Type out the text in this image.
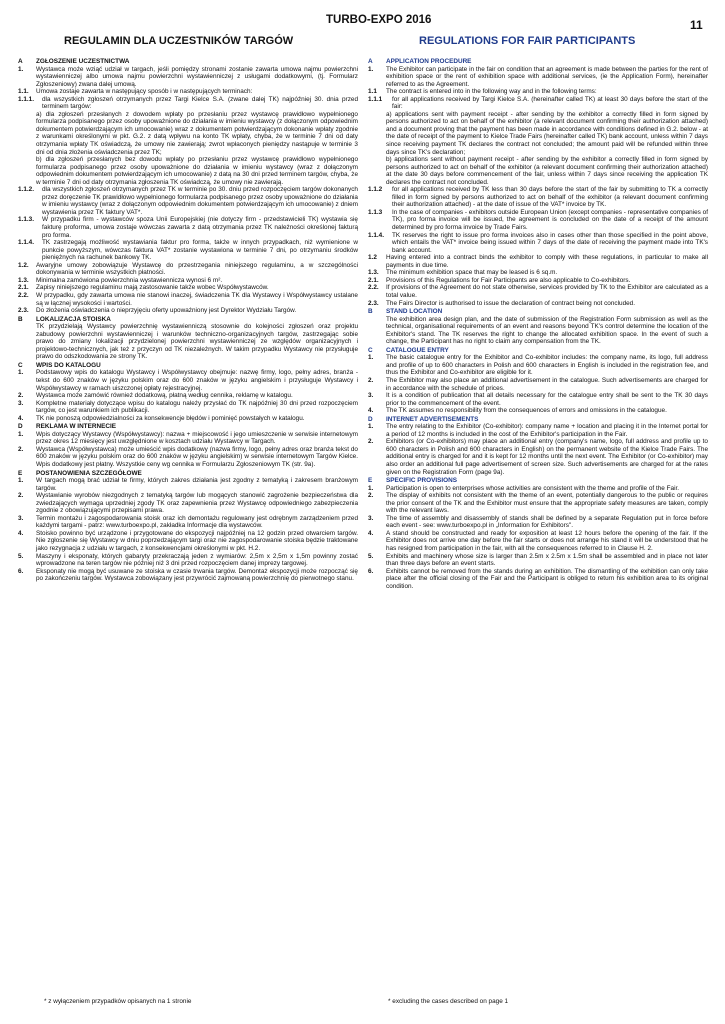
TURBO-EXPO 2016	11
REGULAMIN DLA UCZESTNIKÓW TARGÓW	REGULATIONS FOR FAIR PARTICIPANTS
A	ZGŁOSZENIE UCZESTNICTWA
1.	Wystawca może wziąć udział w targach, jeśli pomiędzy stronami zostanie zawarta umowa najmu powierzchni wystawienniczej albo umowa najmu powierzchni wystawienniczej z usługami dodatkowymi, (tj. Formularz Zgłoszeniowy) zwana dalej umową.
1.1.	Umowa zostaje zawarta w następujący sposób i w następujących terminach:
1.1.1.	dla wszystkich zgłoszeń otrzymanych przez Targi Kielce S.A. (zwane dalej TK) najpóźniej 30. dnia przed terminem targów:
a) dla zgłoszeń przesłanych z dowodem wpłaty po przesłaniu przez wystawcę prawidłowo wypełnionego formularza podpisanego przez osoby upoważnione do działania w imieniu wystawcy (z dołączonym odpowiednim dokumentem potwierdzającym ich umocowanie) wraz z dokumentem potwierdzającym dokonanie wpłaty zgodnie z warunkami określonymi w pkt. G.2. z datą wpływu na konto TK wpłaty, chyba, że w terminie 7 dni od daty otrzymania wpłaty TK oświadczą, że umowy nie zawierają; zwrot wpłaconych pieniędzy nastąpuje w terminie 3 dni od dnia złożenia oświadczenia przez TK;
b) dla zgłoszeń przesłanych bez dowodu wpłaty po przesłaniu przez wystawcę prawidłowo wypełnionego formularza podpisanego przez osoby upoważnione do działania w imieniu wystawcy (wraz z dołączonym odpowiednim dokumentem potwierdzającym ich umocowanie) z datą na 30 dni przed terminem targów, chyba, że w terminie 7 dni od daty otrzymania zgłoszenia TK oświadczą, że umowy nie zawierają.
1.1.2.	dla wszystkich zgłoszeń otrzymanych przez TK w terminie po 30. dniu przed rozpoczęciem targów dokonanych przez doręczenie TK prawidłowo wypełnionego formularza podpisanego przez osoby upoważnione do działania w imieniu wystawcy (wraz z dołączonym odpowiednim dokumentem potwierdzającym ich umocowanie) z dniem wystawienia przez TK faktury VAT*.
1.1.3.	W przypadku firm - wystawców spoza Unii Europejskiej (nie dotyczy firm - przedstawicieli TK) wystawia się fakturę proforma, umowa zostaje wówczas zawarta z datą otrzymania przez TK należności określonej fakturą pro forma.
1.1.4.	TK zastrzegają możliwość wystawiania faktur pro forma, także w innych przypadkach, niż wymienione w punkcie powyższym, wówczas faktura VAT* zostanie wystawiona w terminie 7 dni, po otrzymaniu środków pieniężnych na rachunek bankowy TK.
1.2.	Awaryjne umowy zobowiązuje Wystawcę do przestrzegania niniejszego regulaminu, a w szczególności dokonywania w terminie wszystkich płatności.
1.3.	Minimalna zamówiona powierzchnia wystawiennicza wynosi 6 m².
2.1.	Zapisy niniejszego regulaminu mają zastosowanie także wobec Współwystawców.
2.2.	W przypadku, gdy zawarta umowa nie stanowi inaczej, świadczenia TK dla Wystawcy i Współwystawcy ustalane są w łącznej wysokości i wartości.
2.3.	Do złożenia oświadczenia o nieprzyjęciu oferty upoważniony jest Dyrektor Wydziału Targów.
B	LOKALIZACJA STOISKA
TK przydzielają Wystawcy powierzchnię wystawienniczą stosownie do kolejności zgłoszeń oraz projektu zabudowy powierzchni wystawienniczej i warunków techniczno-organizacyjnych targów, zastrzegając sobie prawo do zmiany lokalizacji przydzielonej powierzchni wystawienniczej ze względów organizacyjnych i projektowo-technicznych, jak też z przyczyn od TK niezależnych. W takim przypadku Wystawcy nie przysługuje prawo do odszkodowania ze strony TK.
C	WPIS DO KATALOGU
1.	Podstawowy wpis do katalogu Wystawcy i Współwystawcy obejmuje: nazwę firmy, logo, pełny adres, branża - tekst do 600 znaków w języku polskim oraz do 600 znaków w języku angielskim i przysługuje Wystawcy i Współwystawcy w ramach uiszczonej opłaty rejestracyjnej.
2.	Wystawca może zamówić również dodatkową, płatną według cennika, reklamę w katalogu.
3.	Kompletne materiały dotyczące wpisu do katalogu należy przysłać do TK najpóźniej 30 dni przed rozpoczęciem targów, co jest warunkiem ich publikacji.
4.	TK nie ponoszą odpowiedzialności za konsekwencje błędów i pominięć powstałych w katalogu.
D	REKLAMA W INTERNECIE
1.	Wpis dotyczący Wystawcy (Współwystawcy): nazwa + miejscowość i jego umieszczenie w serwisie internetowym przez okres 12 miesięcy jest uwzględnione w kosztach udziału Wystawcy w Targach.
2.	Wystawca (Współwystawca) może umieścić wpis dodatkowy (nazwa firmy, logo, pełny adres oraz branża tekst do 600 znaków w języku polskim oraz do 600 znaków w języku angielskim) w serwisie internetowym Targów Kielce. Wpis dodatkowy jest płatny. Wszystkie ceny wg cennika w Formularzu Zgłoszeniowym TK (str. 9a).
E	POSTANOWIENIA SZCZEGÓŁOWE
1.	W targach mogą brać udział te firmy, których zakres działania jest zgodny z tematyką i zakresem branżowym targów.
2.	Wystawianie wyrobów niezgodnych z tematyką targów lub mogących stanowić zagrożenie bezpieczeństwa dla zwiedzających wymaga uprzedniej zgody TK oraz zapewnienia przez Wystawcę odpowiedniego zabezpieczenia zgodnie z obowiązującymi przepisami prawa.
3.	Termin montażu i zagospodarowania stoisk oraz ich demontażu regulowany jest odrębnym zarządzeniem przed każdymi targami - patrz: www.turboexpo.pl, zakładka Informacje dla wystawców.
4.	Stoisko powinno być urządzone i przygotowane do ekspozycji najpóźniej na 12 godzin przed otwarciem targów. Nie zgłoszenie się Wystawcy w dniu poprzedzającym targi oraz nie zagospodarowanie stoiska będzie traktowane jako rezygnacja z udziału w targach, z konsekwencjami określonymi w pkt. H.2.
5.	Maszyny i eksponaty, których gabaryty przekraczają jeden z wymiarów: 2,5m x 2,5m x 1,5m powinny zostać wprowadzone na teren targów nie później niż 3 dni przed rozpoczęciem danej imprezy targowej.
6.	Eksponaty nie mogą być usuwane ze stoiska w czasie trwania targów. Demontaż ekspozycji może rozpocząć się po zakończeniu targów. Wystawca zobowiązany jest przywrócić zajmowaną powierzchnię do pierwotnego stanu.
A	APPLICATION PROCEDURE
1.	The Exhibitor can participate in the fair on condition that an agreement is made between the parties for the rent of exhibition space or the rent of exhibition space with additional services, (ie the Application Form), hereinafter referred to as the Agreement.
1.1	The contract is entered into in the following way and in the following terms:
1.1.1	for all applications received by Targi Kielce S.A. (hereinafter called TK) at least 30 days before the start of the fair:
a) applications sent with payment receipt - after sending by the exhibitor a correctly filled in form signed by persons authorized to act on behalf of the exhibitor (a relevant document confirming their authorization attached) and a document proving that the payment has been made in accordance with conditions defined in G.2. below - at the date of receipt of the payment to Kielce Trade Fairs (hereinafter called TK) bank account, unless within 7 days since receiving payment TK declares the contract not concluded; the amount paid will be refunded within three days since TK's declaration;
b) applications sent without payment receipt - after sending by the exhibitor a correctly filled in form signed by persons authorized to act on behalf of the exhibitor (a relevant document confirming their authorization attached) at the date 30 days before commencement of the fair, unless within 7 days since receiving the application TK declares the contract not concluded.
1.1.2	for all applications received by TK less than 30 days before the start of the fair by submitting to TK a correctly filled in form signed by persons authorized to act on behalf of the exhibitor (a relevant document confirming their authorization attached) - at the date of issue of the VAT* invoice by TK.
1.1.3	In the case of companies - exhibitors outside European Union (except companies - representative companies of TK), pro forma invoice will be issued, the agreement is concluded on the date of a receipt of the amount determined by pro forma invoice by Trade Fairs.
1.1.4.	TK reserves the right to issue pro forma invoices also in cases other than those specified in the point above, which entails the VAT* invoice being issued within 7 days of the date of receiving the payment made into TK's bank account.
1.2	Having entered into a contract binds the exhibitor to comply with these regulations, in particular to make all payments in due time.
1.3.	The minimum exhibition space that may be leased is 6 sq.m.
2.1.	Provisions of this Regulations for Fair Participants are also applicable to Co-exhibitors.
2.2.	If provisions of the Agreement do not state otherwise, services provided by TK to the Exhibitor are calculated as a total value.
2.3.	The Fairs Director is authorised to issue the declaration of contract being not concluded.
B	STAND LOCATION
The exhibition area design plan, and the date of submission of the Registration Form submission as well as the technical, organisational requirements of an event and reasons beyond TK's control determine the location of the Exhibitor's stand. The TK reserves the right to change the allocated exhibition space. In the event of such a change, the Participant has no right to claim any compensation from the TK.
C	CATALOGUE ENTRY
1.	The basic catalogue entry for the Exhibitor and Co-exhibitor includes: the company name, its logo, full address and profile of up to 600 characters in Polish and 600 characters in English is included in the registration fee, and thus the Exhibitor and Co-exhibitor are eligible for it.
2.	The Exhibitor may also place an additional advertisement in the catalogue. Such advertisements are charged for in accordance with the schedule of prices.
3.	It is a condition of publication that all details necessary for the catalogue entry shall be sent to the TK 30 days prior to the commencement of the event.
4.	The TK assumes no responsibility from the consequences of errors and omissions in the catalogue.
D	INTERNET ADVERTISEMENTS
1.	The entry relating to the Exhibitor (Co-exhibitor): company name + location and placing it in the Internet portal for a period of 12 months is included in the cost of the Exhibitor's participation in the Fair.
2.	Exhibitors (or Co-exhibitors) may place an additional entry (company's name, logo, full address and profile up to 600 characters in Polish and 600 characters in English) on the permanent website of the Kielce Trade Fairs. The additional entry is charged for and it is kept for 12 months until the next event. The Exhibitor (or Co-exhibitor) may also order an additional full page advertisement of screen size. Such advertisements are charged for at the rates given on the Registration Form (page 9a).
E	SPECIFIC PROVISIONS
1.	Participation is open to enterprises whose activities are consistent with the theme and profile of the Fair.
2.	The display of exhibits not consistent with the theme of an event, potentially dangerous to the public or requires the prior consent of the TK and the Exhibitor must ensure that the appropriate safety measures are taken, comply with the relevant laws.
3.	The time of assembly and disassembly of stands shall be defined by a separate Regulation put in force before each event - see: www.turboexpo.pl in „Information for Exhibitors".
4.	A stand should be constructed and ready for exposition at least 12 hours before the opening of the fair. If the Exhibitor does not arrive one day before the fair starts or does not arrange his stand it will be understood that he has resigned from participation in the fair, with all the consequences referred to in Clause H. 2.
5.	Exhibits and machinery whose size is larger than 2.5m x 2.5m x 1.5m shall be assembled and in place not later than three days before an event starts.
6.	Exhibits cannot be removed from the stands during an exhibition. The dismantling of the exhibition can only take place after the official closing of the Fair and the Participant is obliged to return his exhibition area to its original condition.
* z wyłączeniem przypadków opisanych na 1 stronie	* excluding the cases described on page 1
